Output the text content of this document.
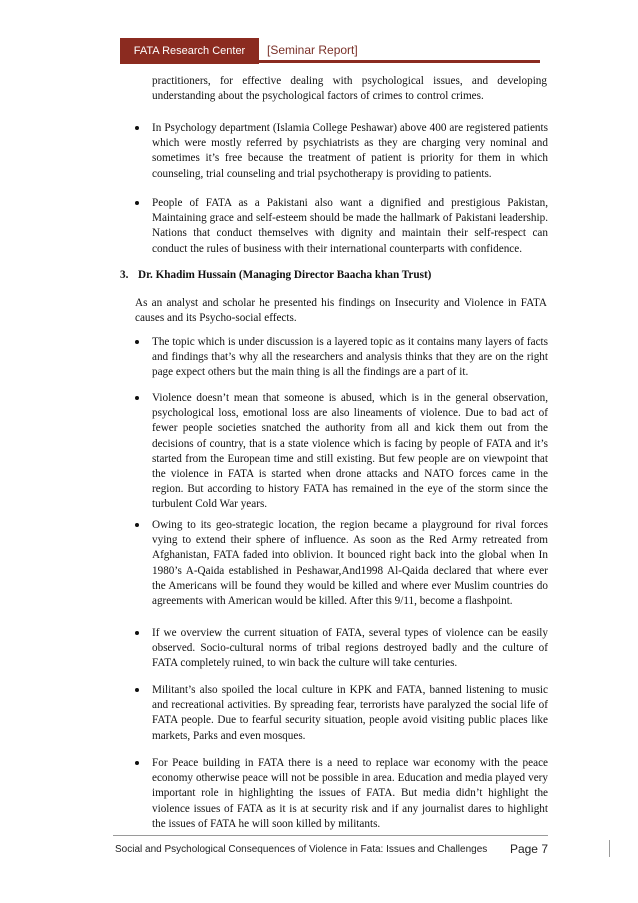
FATA Research Center	[Seminar Report]

practitioners, for effective dealing with psychological issues, and developing understanding about the psychological factors of crimes to control crimes.

In Psychology department (Islamia College Peshawar) above 400 are registered patients which were mostly referred by psychiatrists as they are charging very nominal and sometimes it’s free because the treatment of patient is priority for them in which counseling, trial counseling and trial psychotherapy is providing to patients.

People of FATA as a Pakistani also want a dignified and prestigious Pakistan, Maintaining grace and self-esteem should be made the hallmark of Pakistani leadership. Nations that conduct themselves with dignity and maintain their self-respect can conduct the rules of business with their international counterparts with confidence.

3. Dr. Khadim Hussain (Managing Director Baacha khan Trust)

As an analyst and scholar he presented his findings on Insecurity and Violence in FATA causes and its Psycho-social effects.

The topic which is under discussion is a layered topic as it contains many layers of facts and findings that’s why all the researchers and analysis thinks that they are on the right page expect others but the main thing is all the findings are a part of it.

Violence doesn’t mean that someone is abused, which is in the general observation, psychological loss, emotional loss are also lineaments of violence. Due to bad act of fewer people societies snatched the authority from all and kick them out from the decisions of country, that is a state violence which is facing by people of FATA and it’s started from the European time and still existing. But few people are on viewpoint that the violence in FATA is started when drone attacks and NATO forces came in the region. But according to history FATA has remained in the eye of the storm since the turbulent Cold War years.

Owing to its geo-strategic location, the region became a playground for rival forces vying to extend their sphere of influence. As soon as the Red Army retreated from Afghanistan, FATA faded into oblivion. It bounced right back into the global when In 1980’s A-Qaida established in Peshawar,And1998 Al-Qaida declared that where ever the Americans will be found they would be killed and where ever Muslim countries do agreements with American would be killed. After this 9/11, become a flashpoint.

If we overview the current situation of FATA, several types of violence can be easily observed. Socio-cultural norms of tribal regions destroyed badly and the culture of FATA completely ruined, to win back the culture will take centuries.

Militant’s also spoiled the local culture in KPK and FATA, banned listening to music and recreational activities. By spreading fear, terrorists have paralyzed the social life of FATA people. Due to fearful security situation, people avoid visiting public places like markets, Parks and even mosques.

For Peace building in FATA there is a need to replace war economy with the peace economy otherwise peace will not be possible in area. Education and media played very important role in highlighting the issues of FATA. But media didn’t highlight the violence issues of FATA as it is at security risk and if any journalist dares to highlight the issues of FATA he will soon killed by militants.

Social and Psychological Consequences of Violence in Fata: Issues and Challenges Page 7
